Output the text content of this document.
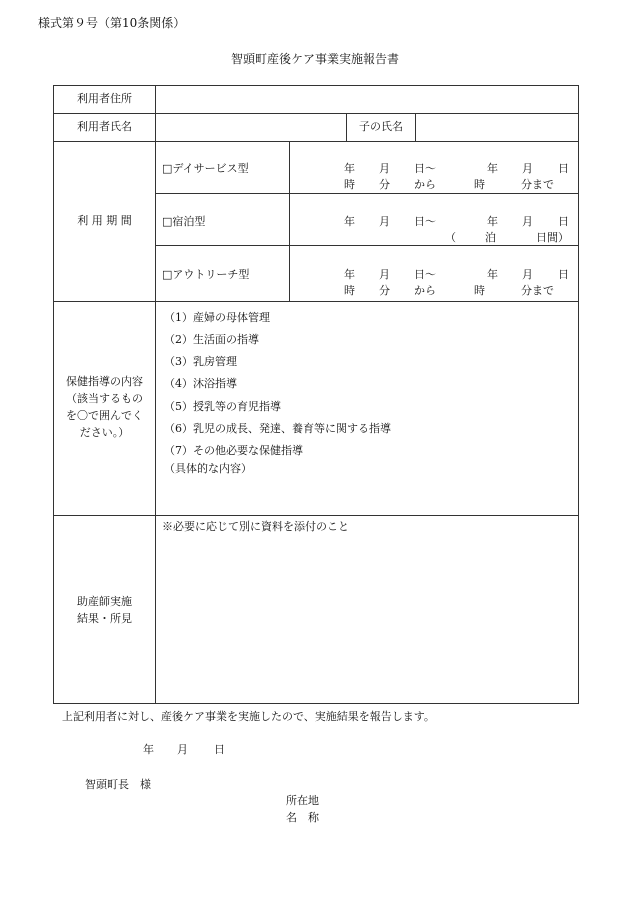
様式第９号（第10条関係）
智頭町産後ケア事業実施報告書
利用者住所
利用者氏名	子の氏名
利 用 期 間
□デイサービス型	年 月 日～	年 月 日
時 分 から	時	分まで
□宿泊型	年 月 日～	年 月 日
（	泊	日間）
□アウトリーチ型	年 月 日～	年 月 日
時 分 から	時	分まで
保健指導の内容
（該当するもの
を〇で囲んでく
ださい。）
（1）産婦の母体管理
（2）生活面の指導
（3）乳房管理
（4）沐浴指導
（5）授乳等の育児指導
（6）乳児の成長、発達、養育等に関する指導
（7）その他必要な保健指導
（具体的な内容）
助産師実施
結果・所見
※必要に応じて別に資料を添付のこと
上記利用者に対し、産後ケア事業を実施したので、実施結果を報告します。
年 月 日
智頭町長　様
所在地
名　称
